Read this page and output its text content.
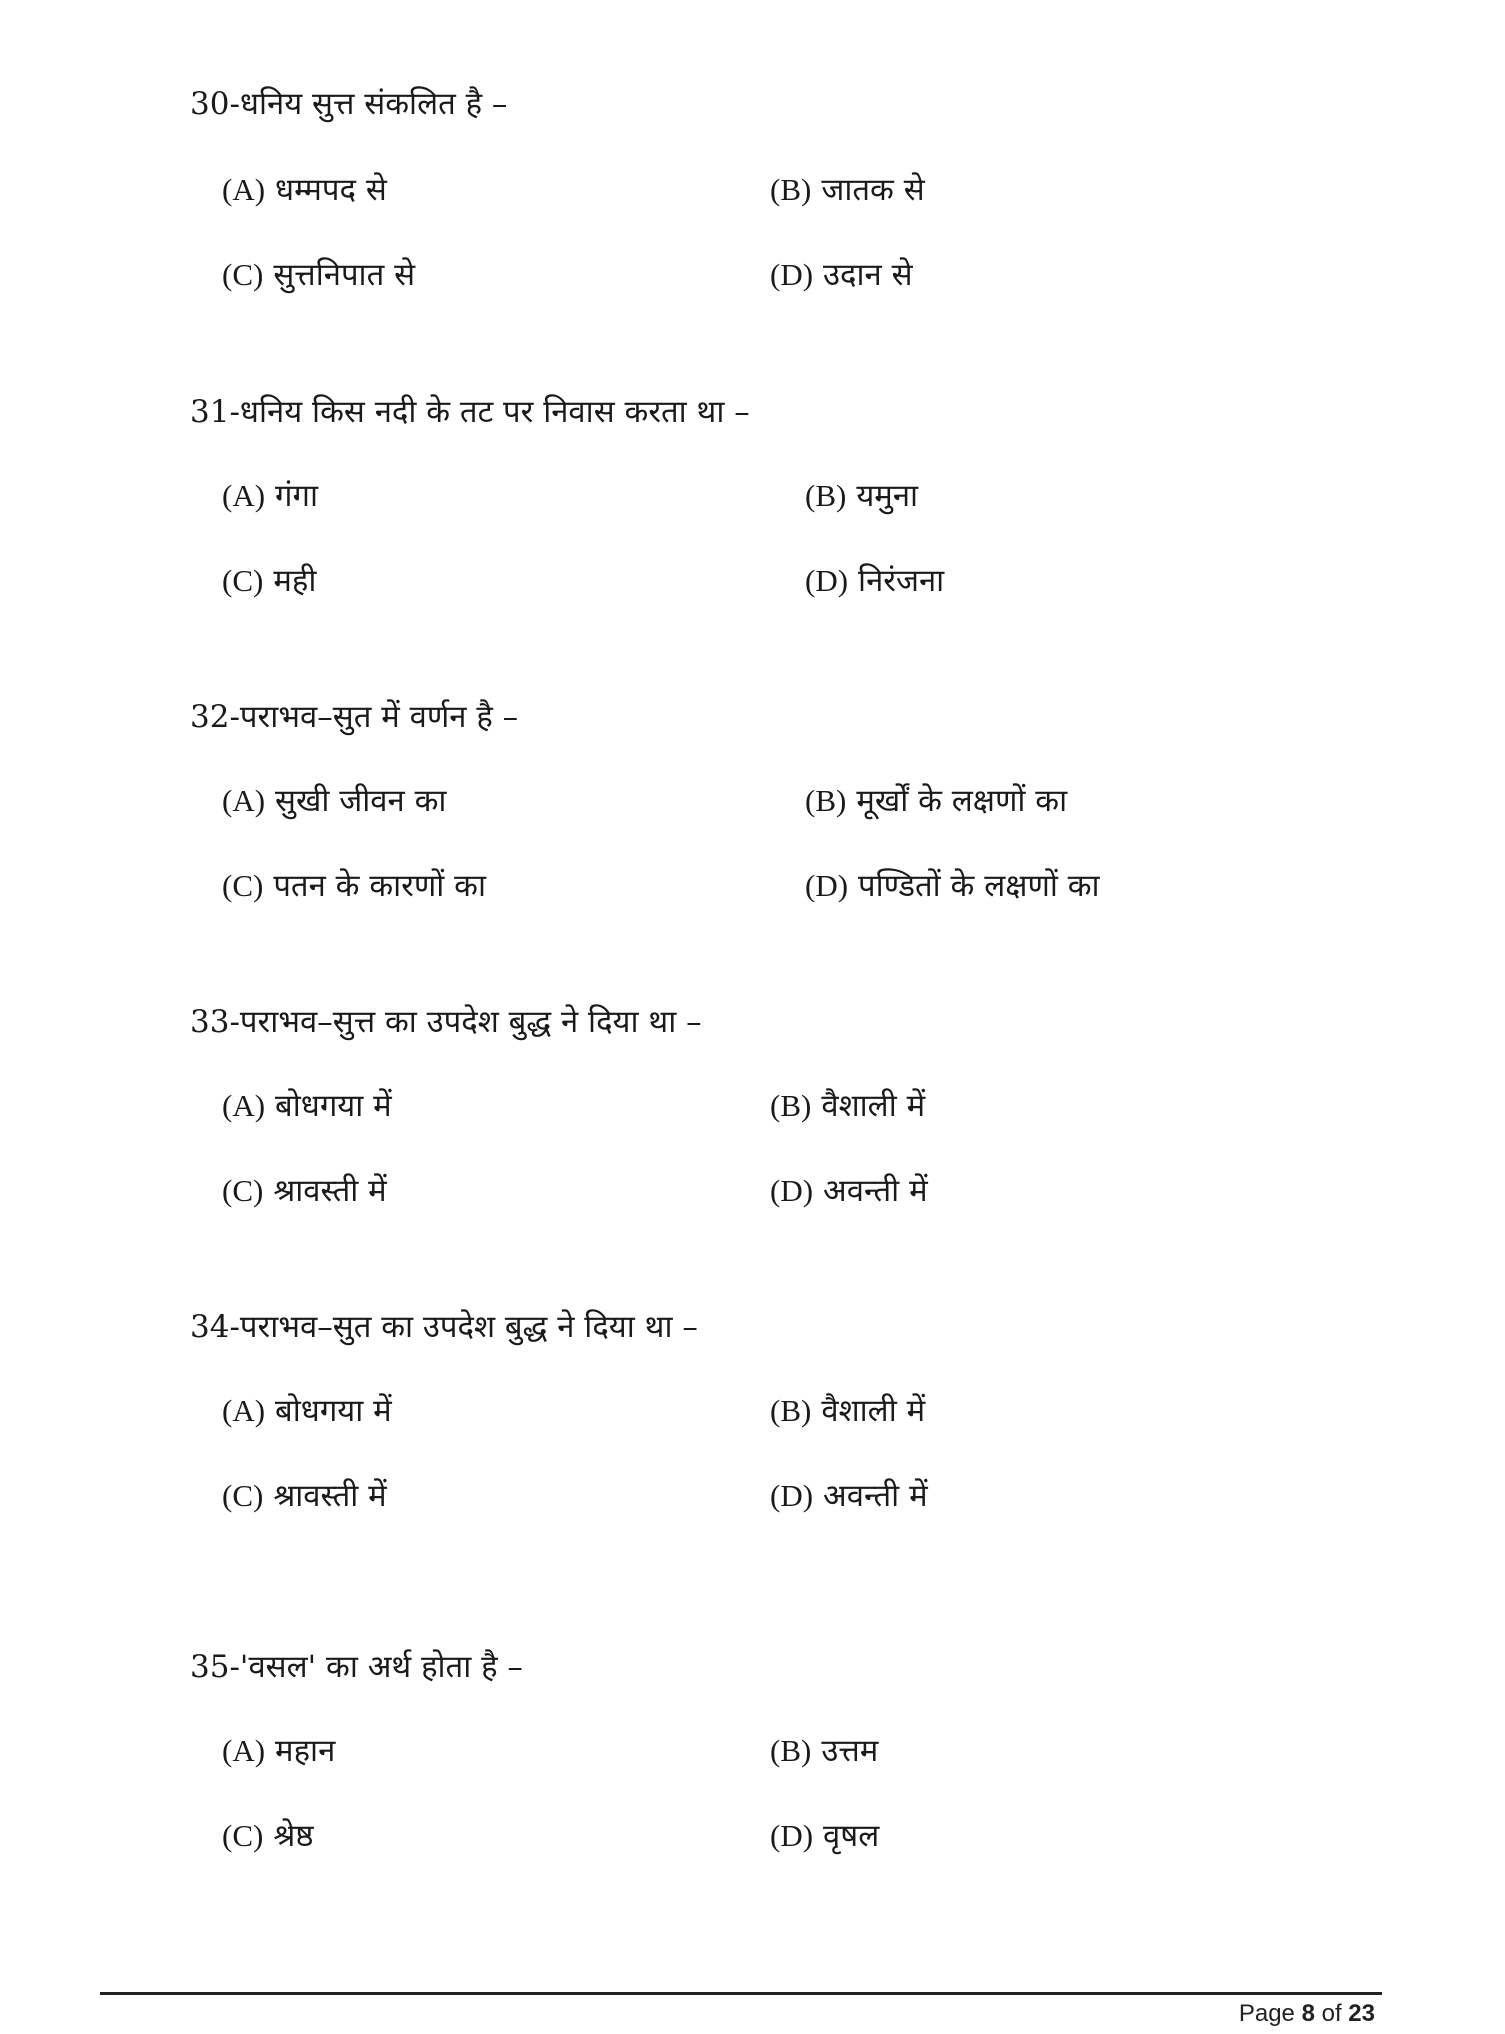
30-धनिय सुत्त संकलित है –
(A) धम्मपद से	(B) जातक से
(C) सुत्तनिपात से	(D) उदान से
31-धनिय किस नदी के तट पर निवास करता था –
(A) गंगा	(B) यमुना
(C) मही	(D) निरंजना
32-पराभव–सुत में वर्णन है –
(A) सुखी जीवन का	(B) मूर्खों के लक्षणों का
(C) पतन के कारणों का	(D) पण्डितों के लक्षणों का
33-पराभव–सुत्त का उपदेश बुद्ध ने दिया था –
(A) बोधगया में	(B) वैशाली में
(C) श्रावस्ती में	(D) अवन्ती में
34-पराभव–सुत का उपदेश बुद्ध ने दिया था –
(A) बोधगया में	(B) वैशाली में
(C) श्रावस्ती में	(D) अवन्ती में
35-'वसल' का अर्थ होता है –
(A) महान	(B) उत्तम
(C) श्रेष्ठ	(D) वृषल
Page 8 of 23
